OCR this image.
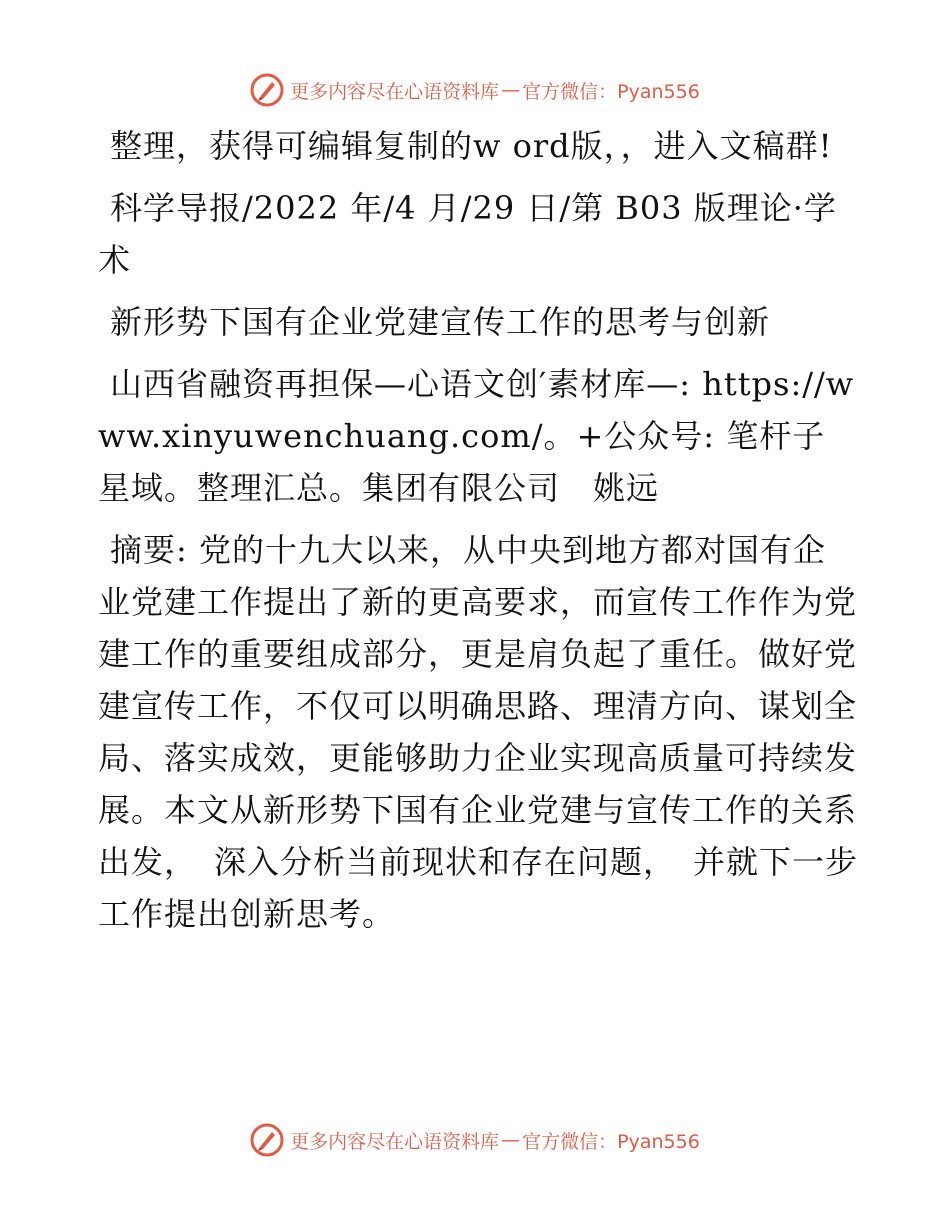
更多内容尽在心语资料库 — 官方微信：Pyan556

整理，获得可编辑复制的w ord版，，进入文稿群!

科学导报/2022 年/4 月/29 日/第 B03 版理论·学术

新形势下国有企业党建宣传工作的思考与创新

山西省融资再担保—心语文创′素材库—: https://www.xinyuwenchuang.com/。+公众号: 笔杆子星域。整理汇总。集团有限公司　姚远

摘要: 党的十九大以来，从中央到地方都对国有企业党建工作提出了新的更高要求，而宣传工作作为党建工作的重要组成部分，更是肩负起了重任。做好党建宣传工作，不仅可以明确思路、理清方向、谋划全局、落实成效，更能够助力企业实现高质量可持续发展。本文从新形势下国有企业党建与宣传工作的关系出发，　深入分析当前现状和存在问题，　并就下一步工作提出创新思考。

更多内容尽在心语资料库 — 官方微信：Pyan556
